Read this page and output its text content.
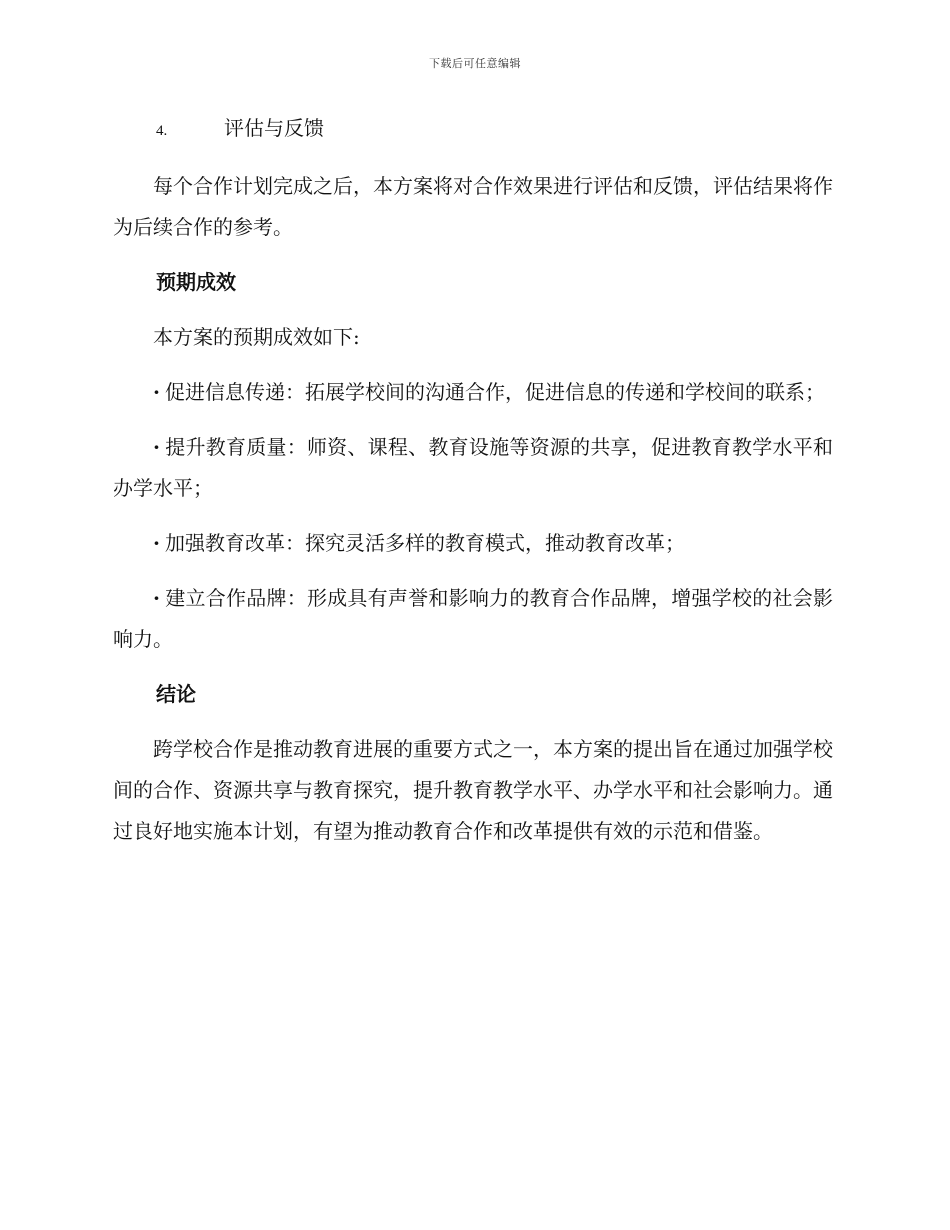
下载后可任意编辑
4.	评估与反馈

每个合作计划完成之后，本方案将对合作效果进行评估和反馈，评估结果将作为后续合作的参考。

预期成效

本方案的预期成效如下:

· 促进信息传递：拓展学校间的沟通合作，促进信息的传递和学校间的联系；

· 提升教育质量：师资、课程、教育设施等资源的共享，促进教育教学水平和办学水平；

· 加强教育改革：探究灵活多样的教育模式，推动教育改革；

· 建立合作品牌：形成具有声誉和影响力的教育合作品牌，增强学校的社会影响力。

结论

跨学校合作是推动教育进展的重要方式之一，本方案的提出旨在通过加强学校间的合作、资源共享与教育探究，提升教育教学水平、办学水平和社会影响力。通过良好地实施本计划，有望为推动教育合作和改革提供有效的示范和借鉴。
